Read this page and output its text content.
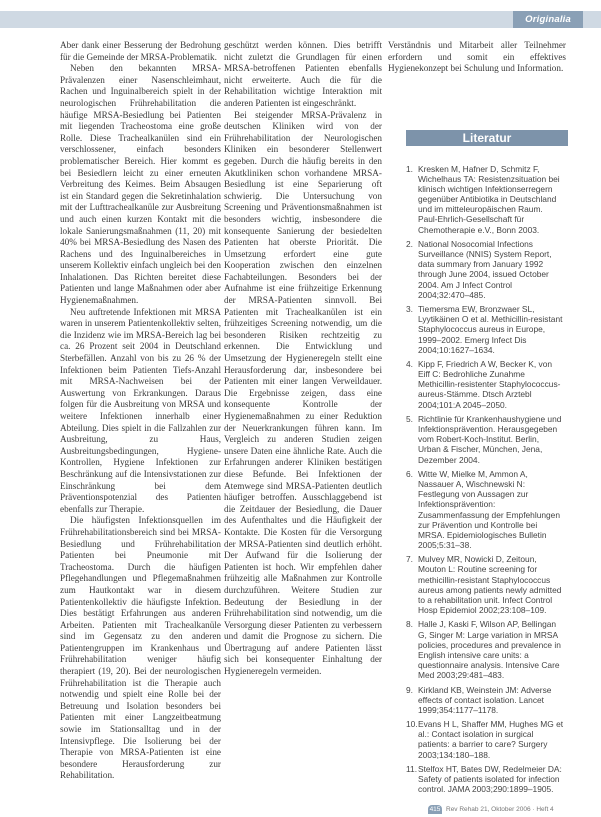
Originalia

Aber dank einer Besserung der Bedrohung für die Gemeinde der MRSA-Problematik.

Neben den bekannten MRSA-Prävalenzen einer Nasenschleimhaut, Rachen und Inguinalbereich spielt in der neurologischen Frührehabilitation die häufige MRSA-Besiedlung bei Patienten mit liegenden Tracheostoma eine große Rolle. Diese Trachealkanülen sind ein verschlossener, einfach besonders problematischer Bereich. Hier kommt es bei Besiedlern leicht zu einer erneuten Verbreitung des Keimes. Beim Absaugen ist ein Standard gegen die Sekretinhalation mit der Lufttrachealkanüle zur Ausbreitung und auch einen kurzen Kontakt mit die lokale Sanierungsmaßnahmen (11, 20) mit 40% bei MRSA-Besiedlung des Nasen des Rachens und des Inguinalbereiches in unserem Kollektiv einfach ungleich bei den Inhalationen. Das Richten bereitet diese Patienten und lange Maßnahmen oder aber Hygienemaßnahmen.

Neu auftretende Infektionen mit MRSA waren in unserem Patientenkollektiv selten, die Inzidenz wie im MRSA-Bereich lag bei ca. 26 Prozent seit 2004 in Deutschland Sterbefällen. Anzahl von bis zu 26 % der Infektionen beim Patienten Tiefs-Anzahl mit MRSA-Nachweisen bei der Auswertung von Erkrankungen. Daraus folgen für die Ausbreitung von MRSA und weitere Infektionen innerhalb einer Abteilung. Dies spielt in die Fallzahlen zur Ausbreitung, zu Haus, Ausbreitungsbedingungen, Hygiene-Kontrollen, Hygiene Infektionen zur Beschränkung auf die Intensivstationen zur Einschränkung bei dem Präventionspotenzial des Patienten ebenfalls zur Therapie.

Die häufigsten Infektionsquellen im Frührehabilitationsbereich sind bei MRSA-Besiedlung und Frührehabilitation Patienten bei Pneumonie mit Tracheostoma. Durch die häufigen Pflegehandlungen und Pflegemaßnahmen zum Hautkontakt war in diesem Patientenkollektiv die häufigste Infektion. Dies bestätigt Erfahrungen aus anderen Arbeiten. Patienten mit Trachealkanüle sind im Gegensatz zu den anderen Patientengruppen im Krankenhaus und Frührehabilitation weniger häufig therapiert (19, 20). Bei der neurologischen Frührehabilitation ist die Therapie auch notwendig und spielt eine Rolle bei der Betreuung und Isolation besonders bei Patienten mit einer Langzeitbeatmung sowie im Stationsalltag und in der Intensivpflege. Die Isolierung bei der Therapie von MRSA-Patienten ist eine besondere Herausforderung zur Rehabilitation.

geschützt werden können. Dies betrifft nicht zuletzt die Grundlagen für einen MRSA-betroffenen Patienten ebenfalls nicht erweiterte. Auch die für die Rehabilitation wichtige Interaktion mit anderen Patienten ist eingeschränkt.

Bei steigender MRSA-Prävalenz in deutschen Kliniken wird von der Frührehabilitation der Neurologischen Kliniken ein besonderer Stellenwert gegeben. Durch die häufig bereits in den Akutkliniken schon vorhandene MRSA-Besiedlung ist eine Separierung oft schwierig. Die Untersuchung von Screening und Präventionsmaßnahmen ist besonders wichtig, insbesondere die konsequente Sanierung der besiedelten Patienten hat oberste Priorität. Die Umsetzung erfordert eine gute Kooperation zwischen den einzelnen Fachabteilungen. Besonders bei der Aufnahme ist eine frühzeitige Erkennung der MRSA-Patienten sinnvoll. Bei Patienten mit Trachealkanülen ist ein frühzeitiges Screening notwendig, um die besonderen Risiken rechtzeitig zu erkennen. Die Entwicklung und Umsetzung der Hygieneregeln stellt eine Herausforderung dar, insbesondere bei Patienten mit einer langen Verweildauer. Die Ergebnisse zeigen, dass eine konsequente Kontrolle der Hygienemaßnahmen zu einer Reduktion der Neuerkrankungen führen kann. Im Vergleich zu anderen Studien zeigen unsere Daten eine ähnliche Rate. Auch die Erfahrungen anderer Kliniken bestätigen diese Befunde. Bei Infektionen der Atemwege sind MRSA-Patienten deutlich häufiger betroffen. Ausschlaggebend ist die Zeitdauer der Besiedlung, die Dauer des Aufenthaltes und die Häufigkeit der Kontakte. Die Kosten für die Versorgung der MRSA-Patienten sind deutlich erhöht. Der Aufwand für die Isolierung der Patienten ist hoch. Wir empfehlen daher frühzeitig alle Maßnahmen zur Kontrolle durchzuführen. Weitere Studien zur Bedeutung der Besiedlung in der Frührehabilitation sind notwendig, um die Versorgung dieser Patienten zu verbessern und damit die Prognose zu sichern. Die Übertragung auf andere Patienten lässt sich bei konsequenter Einhaltung der Hygieneregeln vermeiden.

Verständnis und Mitarbeit aller Teilnehmer erfordern und somit ein effektives Hygienekonzept bei Schulung und Information.

Literatur
1. Kresken M, Hafner D, Schmitz F, Wichelhaus TA: Resistenzsituation bei klinisch wichtigen Infektionserregern gegenüber Antibiotika in Deutschland und im mitteleuropäischen Raum. Paul-Ehrlich-Gesellschaft für Chemotherapie e.V., Bonn 2003.
2. National Nosocomial Infections Surveillance (NNIS) System Report, data summary from January 1992 through June 2004, issued October 2004. Am J Infect Control 2004;32:470–485.
3. Tiemersma EW, Bronzwaer SL, Lyytikäinen O et al. Methicillin-resistant Staphylococcus aureus in Europe, 1999–2002. Emerg Infect Dis 2004;10:1627–1634.
4. Kipp F, Friedrich A W, Becker K, von Eiff C: Bedrohliche Zunahme Methicillin-resistenter Staphylococcus-aureus-Stämme. Dtsch Arztebl 2004;101:A 2045–2050.
5. Richtlinie für Krankenhaushygiene und Infektionsprävention. Herausgegeben vom Robert-Koch-Institut. Berlin, Urban & Fischer, München, Jena, Dezember 2004.
6. Witte W, Mielke M, Ammon A, Nassauer A, Wischnewski N: Festlegung von Aussagen zur Infektionsprävention: Zusammenfassung der Empfehlungen zur Prävention und Kontrolle bei MRSA. Epidemiologisches Bulletin 2005;5:31–38.
7. Mulvey MR, Nowicki D, Zeitoun, Mouton L: Routine screening for methicillin-resistant Staphylococcus aureus among patients newly admitted to a rehabilitation unit. Infect Control Hosp Epidemiol 2002;23:108–109.
8. Halle J, Kaski F, Wilson AP, Bellingan G, Singer M: Large variation in MRSA policies, procedures and prevalence in English intensive care units: a questionnaire analysis. Intensive Care Med 2003;29:481–483.
9. Kirkland KB, Weinstein JM: Adverse effects of contact isolation. Lancet 1999;354:1177–1178.
10. Evans H L, Shaffer MM, Hughes MG et al.: Contact isolation in surgical patients: a barrier to care? Surgery 2003;134:180–188.
11. Stelfox HT, Bates DW, Redelmeier DA: Safety of patients isolated for infection control. JAMA 2003;290:1899–1905.
415 Rev Rehab 21, Oktober 2006 · Heft 4
